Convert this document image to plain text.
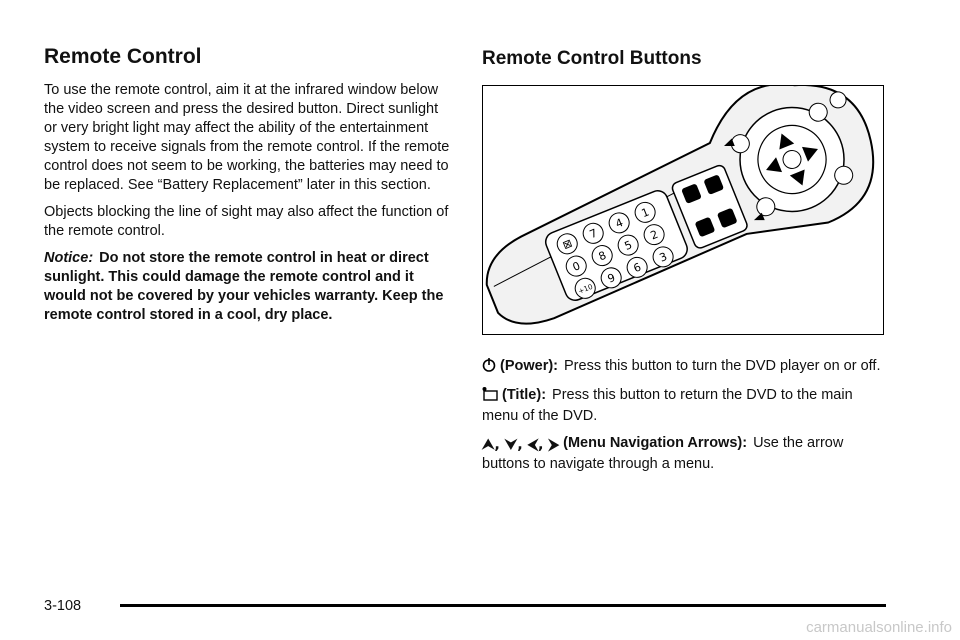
Remote Control

To use the remote control, aim it at the infrared window below the video screen and press the desired button. Direct sunlight or very bright light may affect the ability of the entertainment system to receive signals from the remote control. If the remote control does not seem to be working, the batteries may need to be replaced. See “Battery Replacement” later in this section.

Objects blocking the line of sight may also affect the function of the remote control.

Notice: Do not store the remote control in heat or direct sunlight. This could damage the remote control and it would not be covered by your vehicles warranty. Keep the remote control stored in a cool, dry place.

Remote Control Buttons
⊠
7
4
1
0
8
5
2
+10
9
6
3

(Power): Press this button to turn the DVD player on or off.

(Title): Press this button to return the DVD to the main menu of the DVD.

⮝, ⮟, ⮜, ⮞ (Menu Navigation Arrows): Use the arrow buttons to navigate through a menu.

3-108
carmanualsonline.info
